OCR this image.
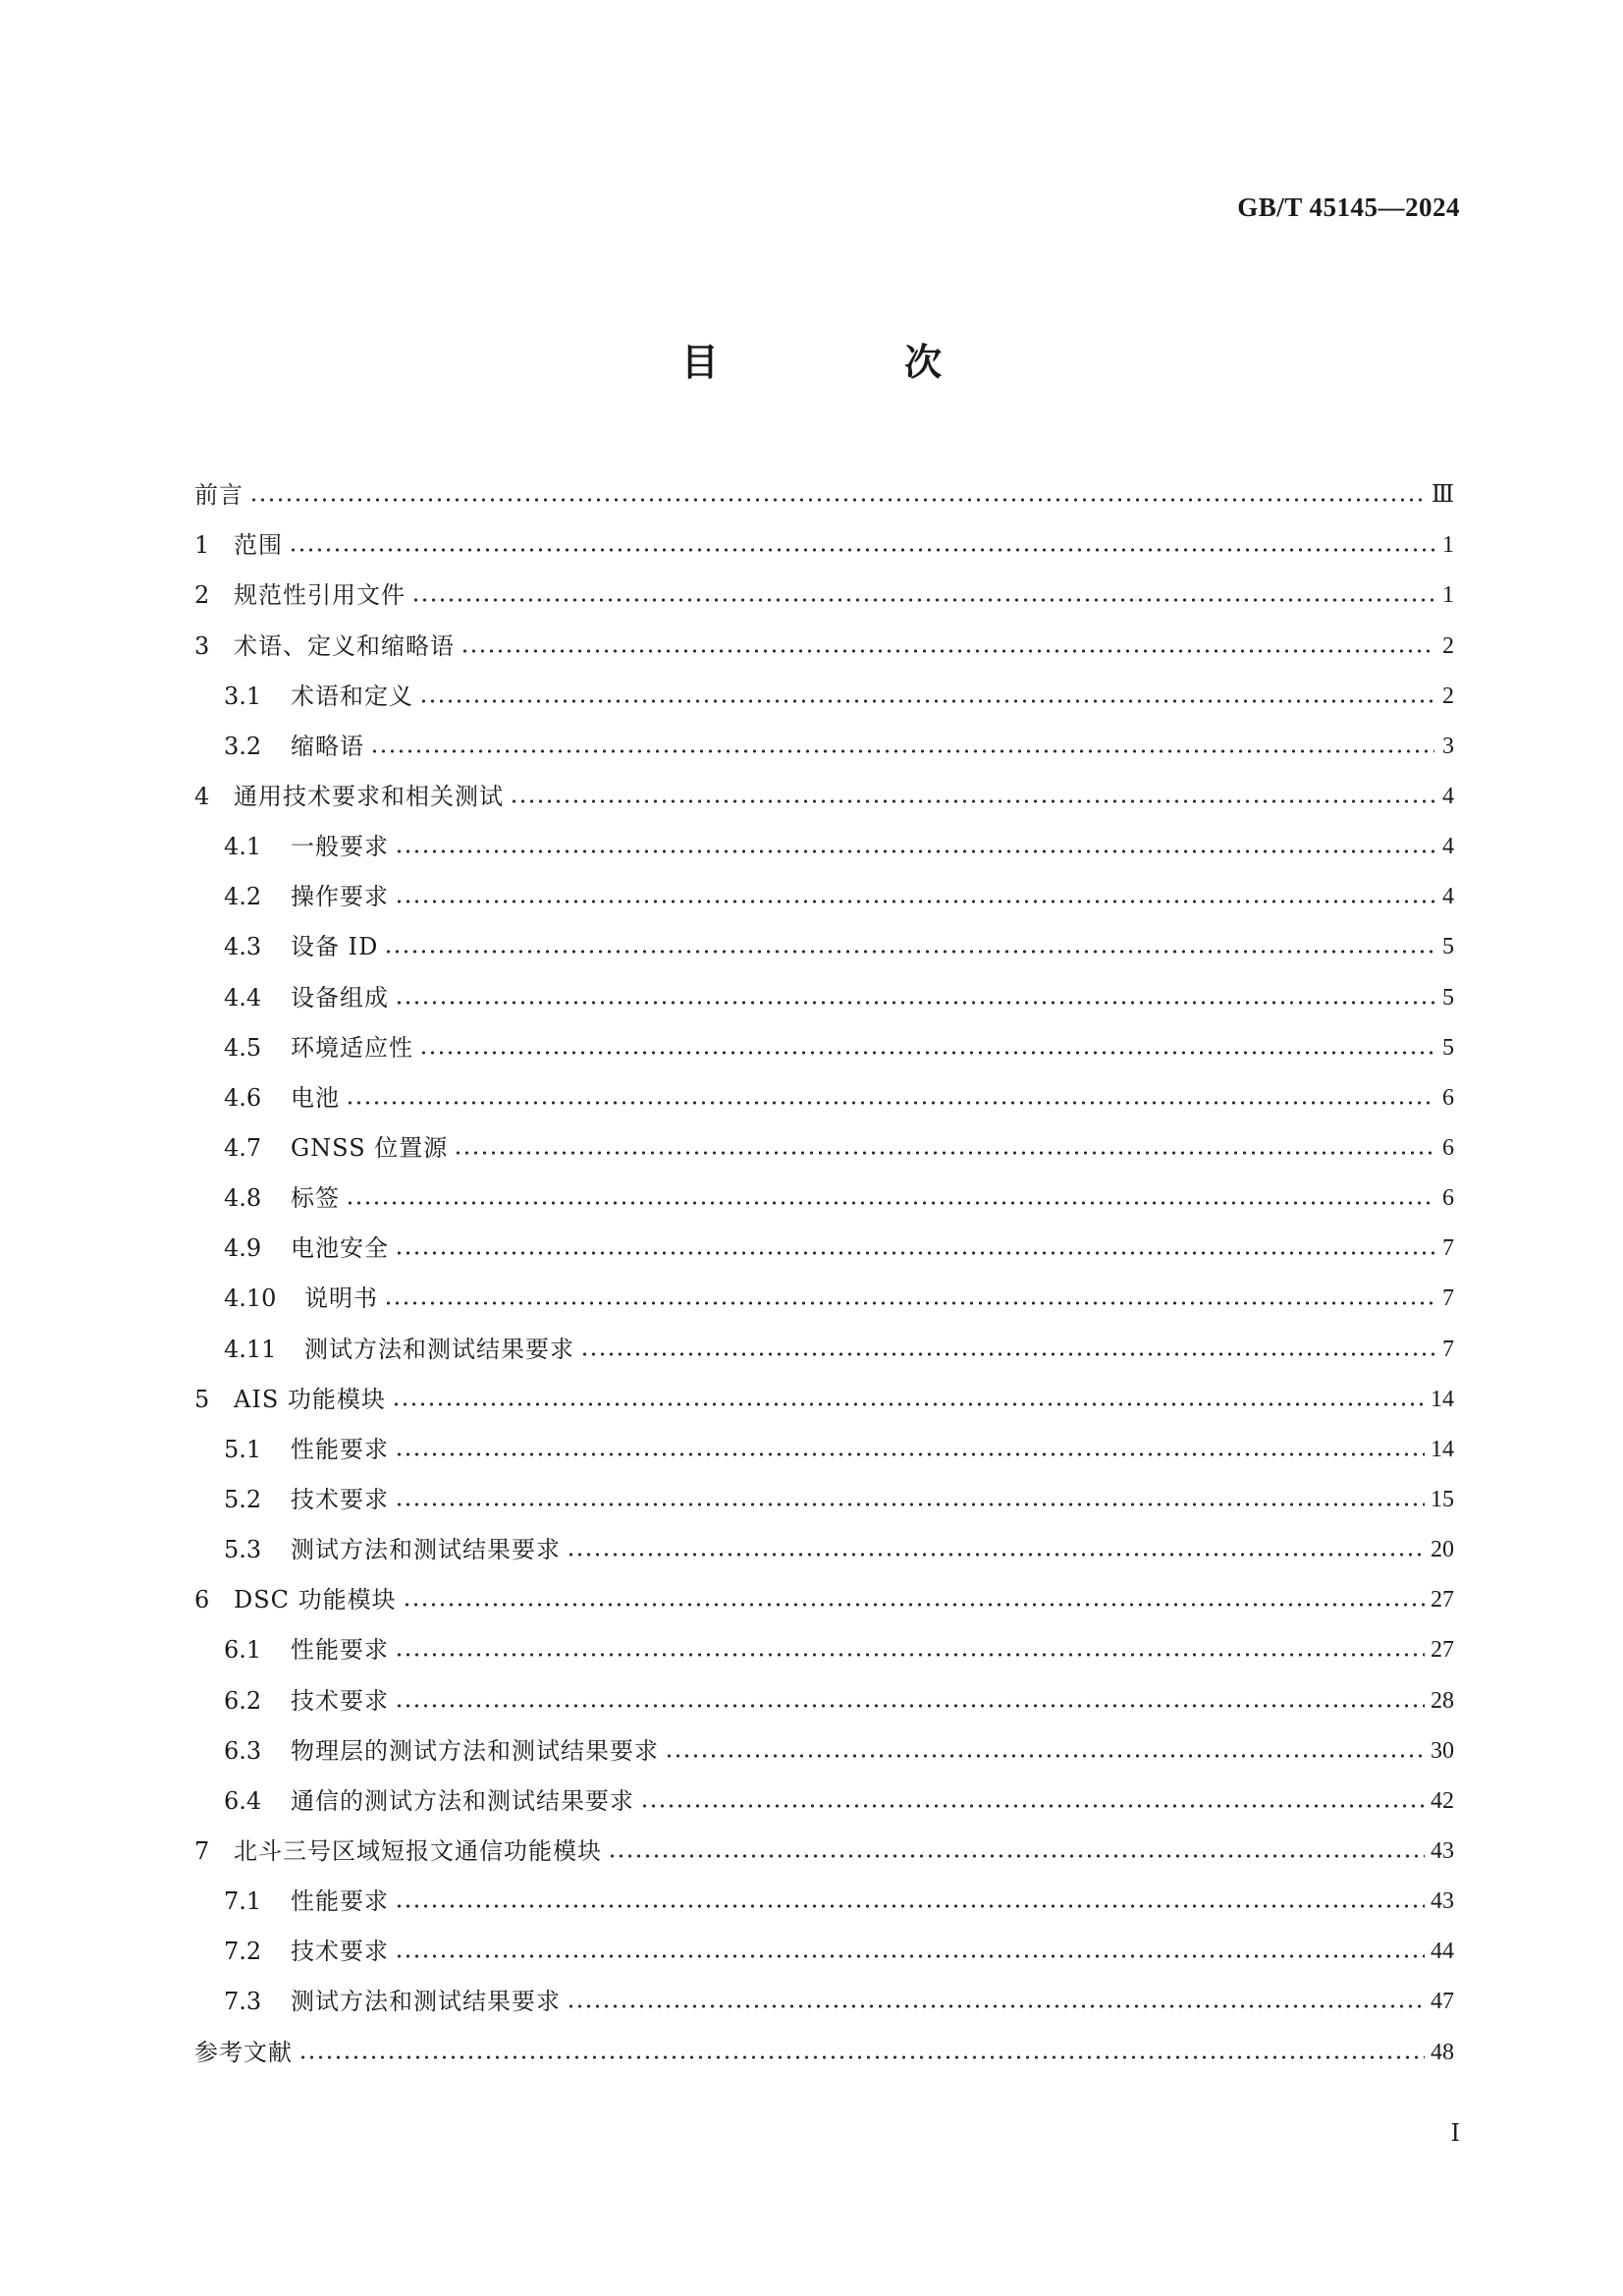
GB/T 45145—2024
目 次
前言	Ⅲ
1	范围	1
2	规范性引用文件	1
3	术语、定义和缩略语	2
3.1	术语和定义	2
3.2	缩略语	3
4	通用技术要求和相关测试	4
4.1	一般要求	4
4.2	操作要求	4
4.3	设备 ID	5
4.4	设备组成	5
4.5	环境适应性	5
4.6	电池	6
4.7	GNSS 位置源	6
4.8	标签	6
4.9	电池安全	7
4.10	说明书	7
4.11	测试方法和测试结果要求	7
5	AIS 功能模块	14
5.1	性能要求	14
5.2	技术要求	15
5.3	测试方法和测试结果要求	20
6	DSC 功能模块	27
6.1	性能要求	27
6.2	技术要求	28
6.3	物理层的测试方法和测试结果要求	30
6.4	通信的测试方法和测试结果要求	42
7	北斗三号区域短报文通信功能模块	43
7.1	性能要求	43
7.2	技术要求	44
7.3	测试方法和测试结果要求	47
参考文献	48
Ⅰ
